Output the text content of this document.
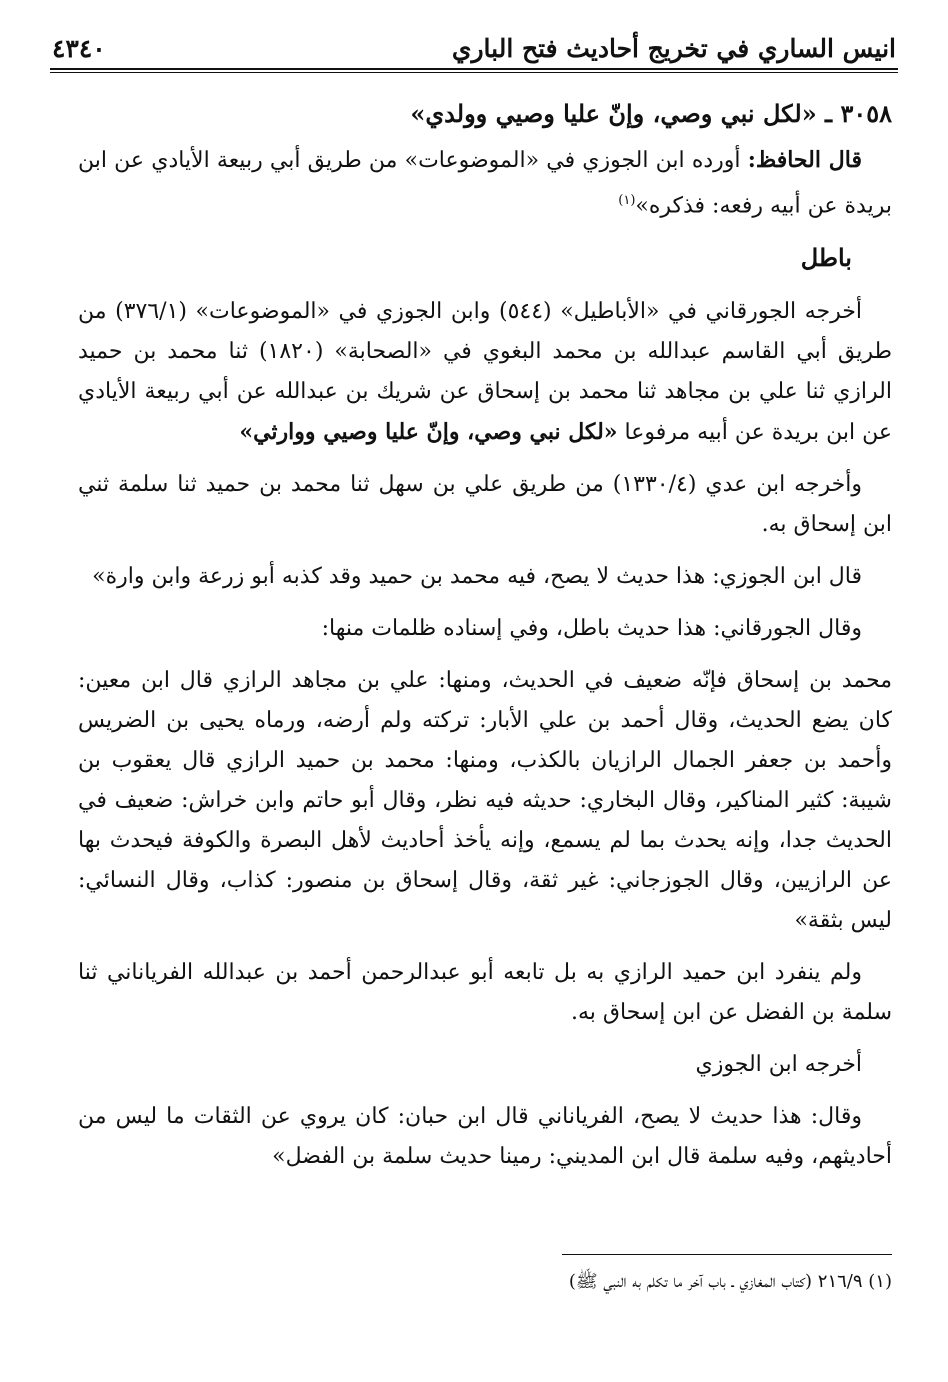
انيس الساري في تخريج أحاديث فتح الباري
٤٣٤٠

٣٠٥٨ ـ «لكل نبي وصي، وإنّ عليا وصيي وولدي»

قال الحافظ: أورده ابن الجوزي في «الموضوعات» من طريق أبي ربيعة الأيادي عن ابن بريدة عن أبيه رفعه: فذكره»$^{(١)}$

باطل

أخرجه الجورقاني في «الأباطيل» (٥٤٤) وابن الجوزي في «الموضوعات» (٣٧٦/١) من طريق أبي القاسم عبدالله بن محمد البغوي في «الصحابة» (١٨٢٠) ثنا محمد بن حميد الرازي ثنا علي بن مجاهد ثنا محمد بن إسحاق عن شريك بن عبدالله عن أبي ربيعة الأيادي عن ابن بريدة عن أبيه مرفوعا «لكل نبي وصي، وإنّ عليا وصيي ووارثي»

وأخرجه ابن عدي (١٣٣٠/٤) من طريق علي بن سهل ثنا محمد بن حميد ثنا سلمة ثني ابن إسحاق به.

قال ابن الجوزي: هذا حديث لا يصح، فيه محمد بن حميد وقد كذبه أبو زرعة وابن وارة»

وقال الجورقاني: هذا حديث باطل، وفي إسناده ظلمات منها:

محمد بن إسحاق فإنّه ضعيف في الحديث، ومنها: علي بن مجاهد الرازي قال ابن معين: كان يضع الحديث، وقال أحمد بن علي الأبار: تركته ولم أرضه، ورماه يحيى بن الضريس وأحمد بن جعفر الجمال الرازيان بالكذب، ومنها: محمد بن حميد الرازي قال يعقوب بن شيبة: كثير المناكير، وقال البخاري: حديثه فيه نظر، وقال أبو حاتم وابن خراش: ضعيف في الحديث جدا، وإنه يحدث بما لم يسمع، وإنه يأخذ أحاديث لأهل البصرة والكوفة فيحدث بها عن الرازيين، وقال الجوزجاني: غير ثقة، وقال إسحاق بن منصور: كذاب، وقال النسائي: ليس بثقة»

ولم ينفرد ابن حميد الرازي به بل تابعه أبو عبدالرحمن أحمد بن عبدالله الفرياناني ثنا سلمة بن الفضل عن ابن إسحاق به.

أخرجه ابن الجوزي

وقال: هذا حديث لا يصح، الفرياناني قال ابن حبان: كان يروي عن الثقات ما ليس من أحاديثهم، وفيه سلمة قال ابن المديني: رمينا حديث سلمة بن الفضل»

(١) ٢١٦/٩ (كتاب المغازي ـ باب آخر ما تكلم به النبي ﷺ)
